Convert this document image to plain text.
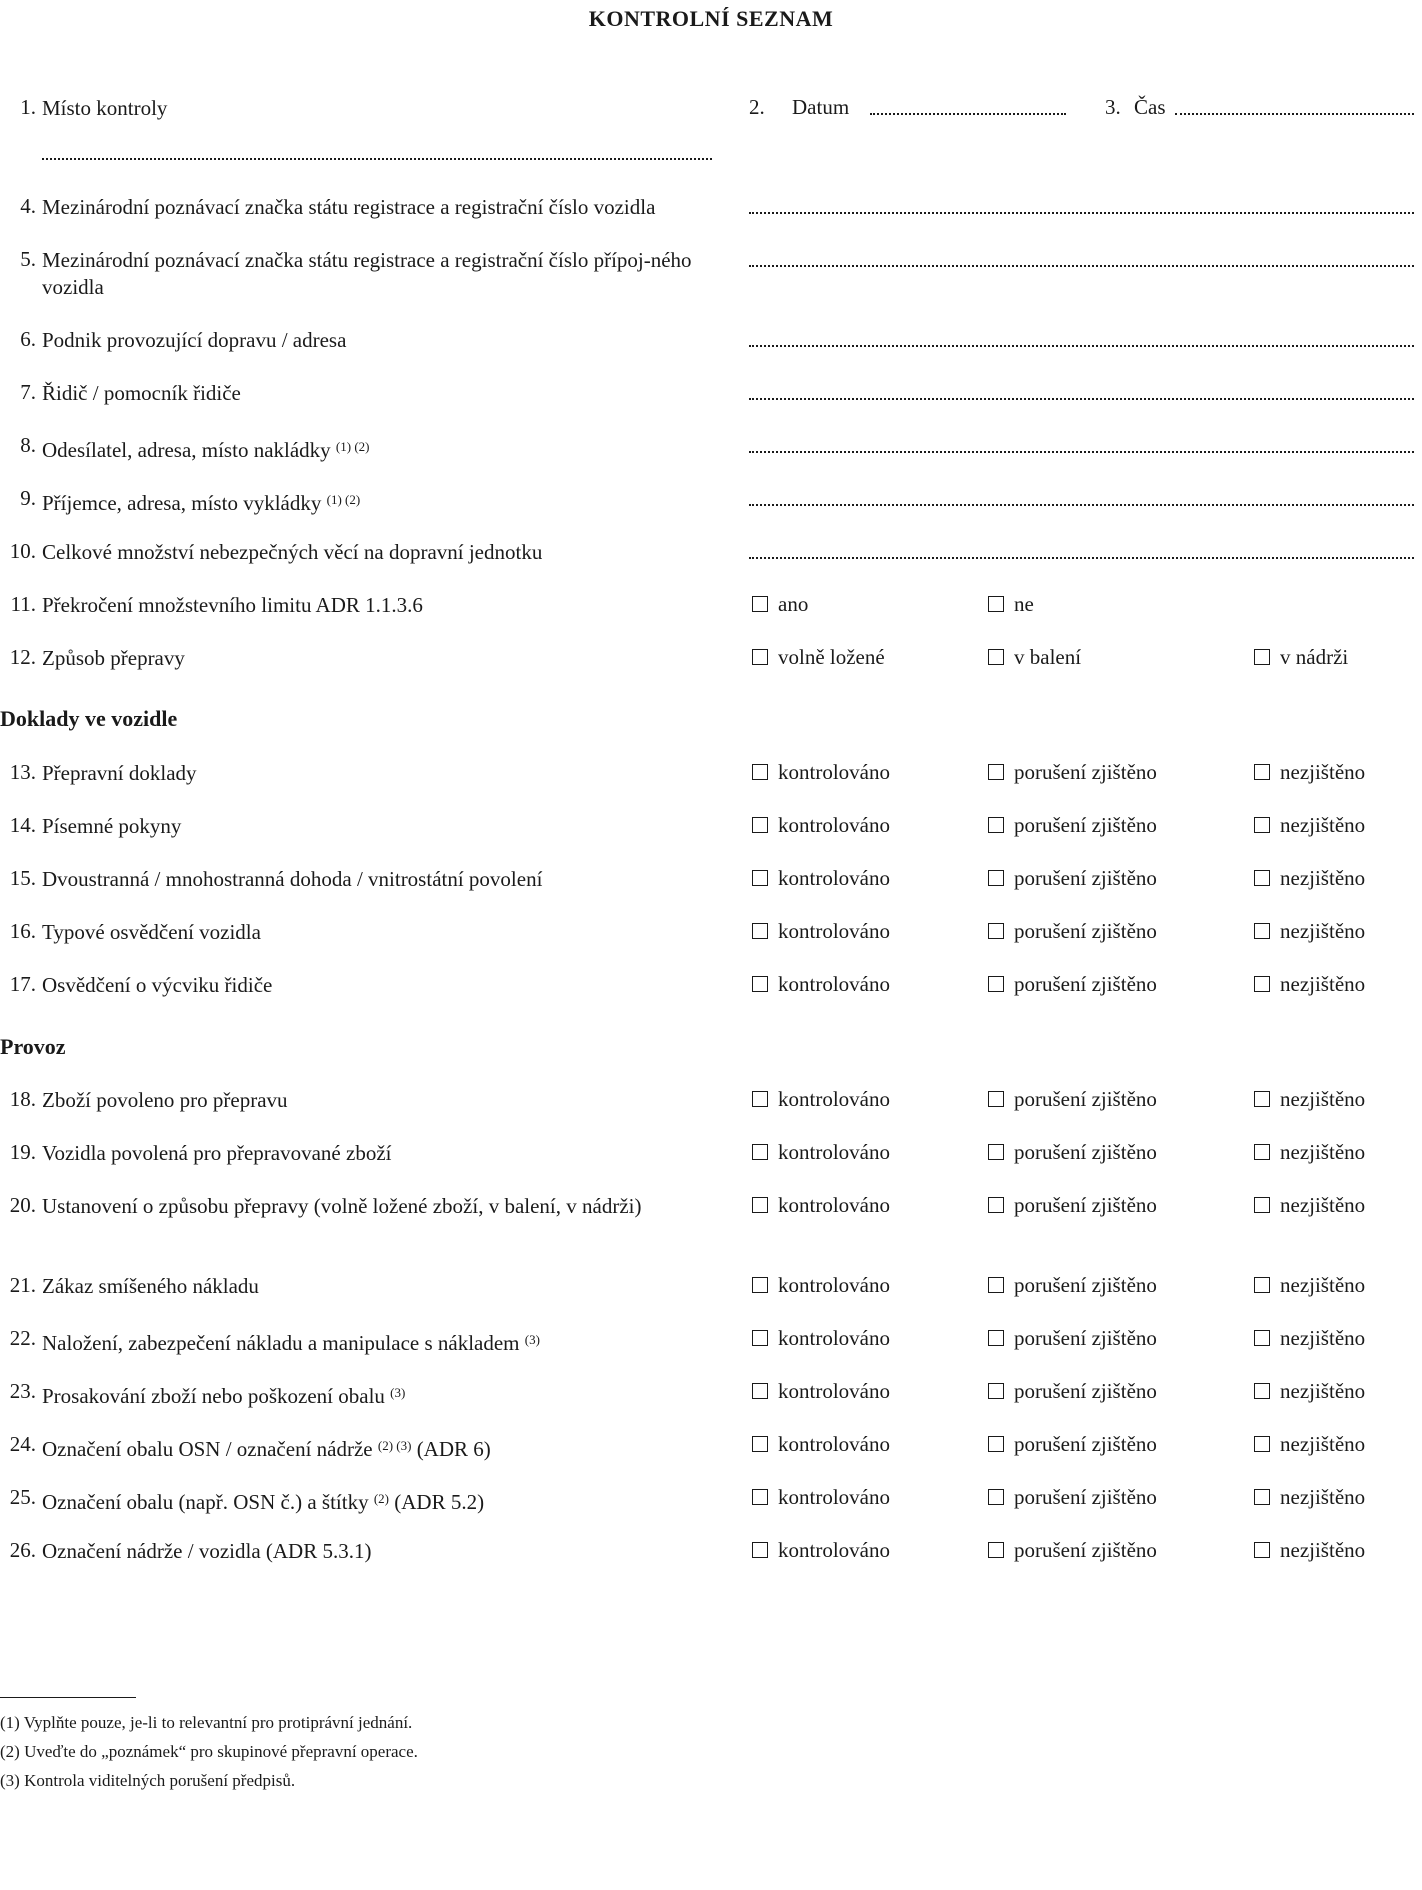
KONTROLNÍ SEZNAM
1. Místo kontroly	2. Datum	3. Čas
4. Mezinárodní poznávací značka státu registrace a registrační číslo vozidla
5. Mezinárodní poznávací značka státu registrace a registrační číslo přípoj-ného vozidla
6. Podnik provozující dopravu / adresa
7. Řidič / pomocník řidiče
8. Odesílatel, adresa, místo nakládky $^{(1) (2)}$
9. Příjemce, adresa, místo vykládky $^{(1) (2)}$
10. Celkové množství nebezpečných věcí na dopravní jednotku
11. Překročení množstevního limitu ADR 1.1.3.6	ano	ne
12. Způsob přepravy	volně ložené	v balení	v nádrži
Doklady ve vozidle
13. Přepravní doklady	kontrolováno	porušení zjištěno	nezjištěno
14. Písemné pokyny	kontrolováno	porušení zjištěno	nezjištěno
15. Dvoustranná / mnohostranná dohoda / vnitrostátní povolení	kontrolováno	porušení zjištěno	nezjištěno
16. Typové osvědčení vozidla	kontrolováno	porušení zjištěno	nezjištěno
17. Osvědčení o výcviku řidiče	kontrolováno	porušení zjištěno	nezjištěno
Provoz
18. Zboží povoleno pro přepravu	kontrolováno	porušení zjištěno	nezjištěno
19. Vozidla povolená pro přepravované zboží	kontrolováno	porušení zjištěno	nezjištěno
20. Ustanovení o způsobu přepravy (volně ložené zboží, v balení, v nádrži)	kontrolováno	porušení zjištěno	nezjištěno
21. Zákaz smíšeného nákladu	kontrolováno	porušení zjištěno	nezjištěno
22. Naložení, zabezpečení nákladu a manipulace s nákladem $^{(3)}$	kontrolováno	porušení zjištěno	nezjištěno
23. Prosakování zboží nebo poškození obalu $^{(3)}$	kontrolováno	porušení zjištěno	nezjištěno
24. Označení obalu OSN / označení nádrže $^{(2) (3)}$ (ADR 6)	kontrolováno	porušení zjištěno	nezjištěno
25. Označení obalu (např. OSN č.) a štítky $^{(2)}$ (ADR 5.2)	kontrolováno	porušení zjištěno	nezjištěno
26. Označení nádrže / vozidla (ADR 5.3.1)	kontrolováno	porušení zjištěno	nezjištěno
(1) Vyplňte pouze, je-li to relevantní pro protiprávní jednání.
(2) Uveďte do „poznámek“ pro skupinové přepravní operace.
(3) Kontrola viditelných porušení předpisů.
